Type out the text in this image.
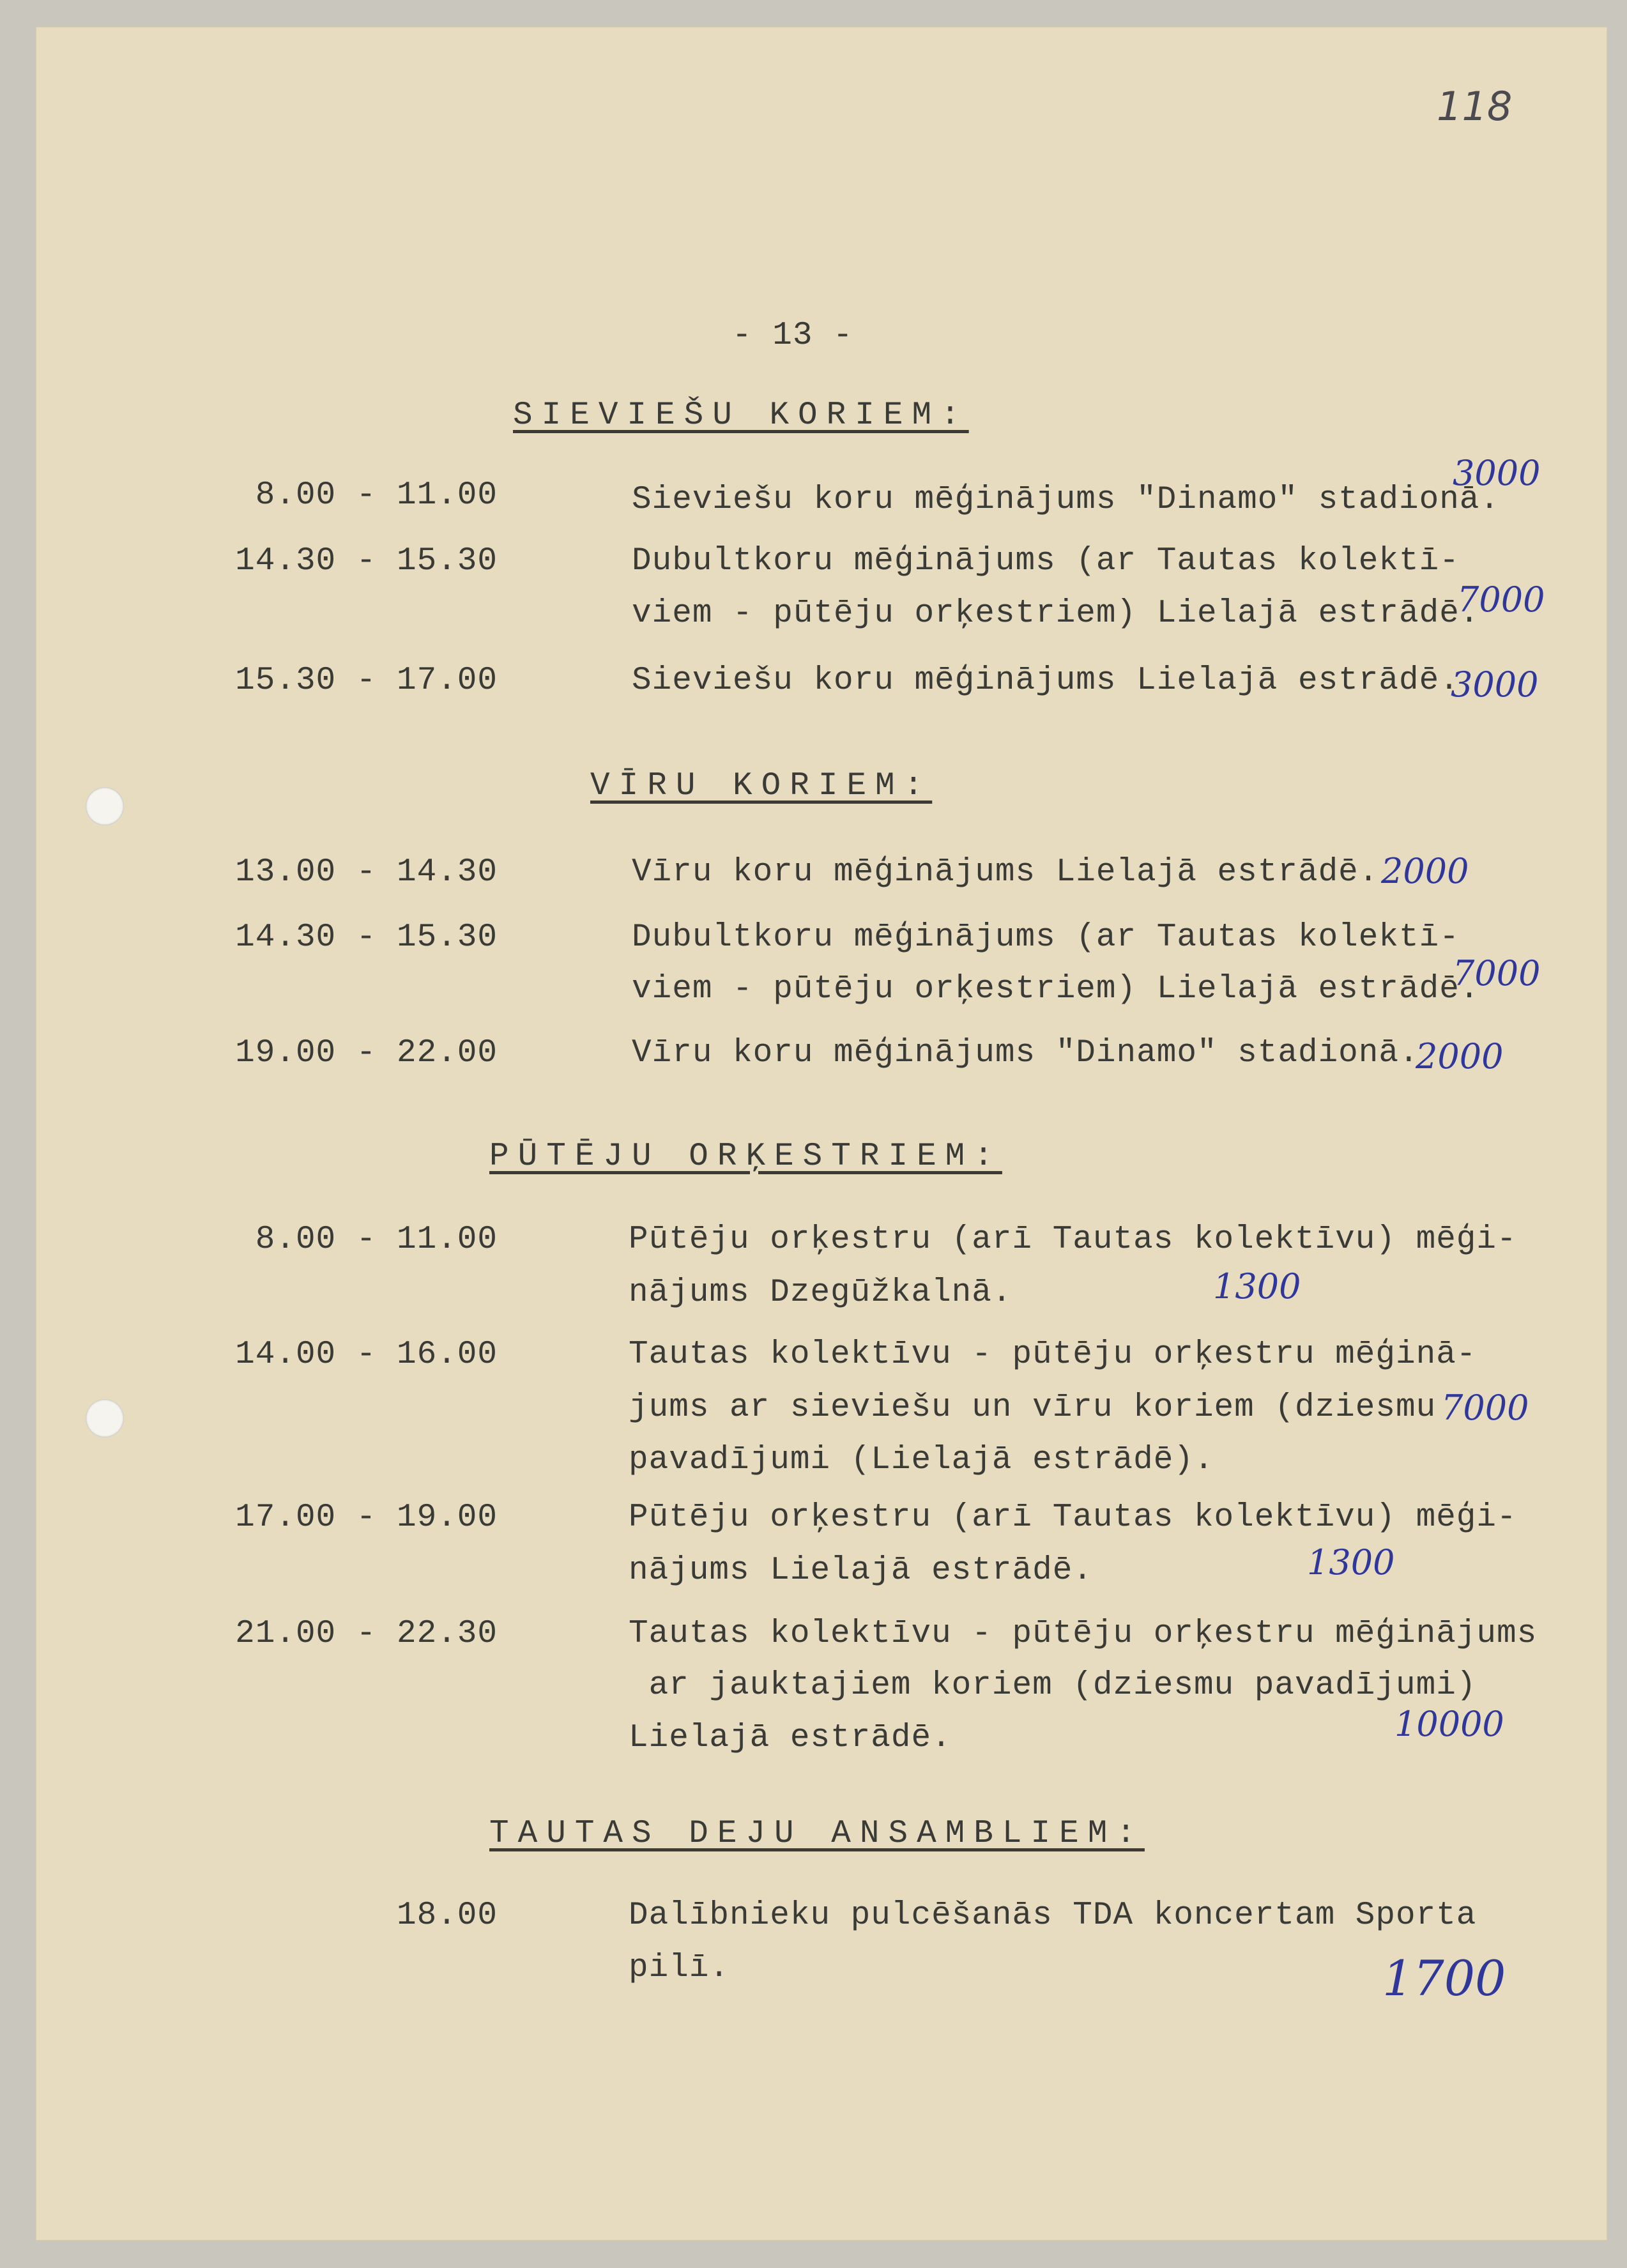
118
- 13 -
SIEVIEŠU KORIEM:
8.00 - 11.00	Sieviešu koru mēģinājums "Dinamo" stadionā.
3000
14.30 - 15.30	Dubultkoru mēģinājums (ar Tautas kolektī-
viem - pūtēju orķestriem) Lielajā estrādē.
7000
15.30 - 17.00	Sieviešu koru mēģinājums Lielajā estrādē.
3000
VĪRU KORIEM:
13.00 - 14.30	Vīru koru mēģinājums Lielajā estrādē. 2000
14.30 - 15.30	Dubultkoru mēģinājums (ar Tautas kolektī-
viem - pūtēju orķestriem) Lielajā estrādē.
7000
19.00 - 22.00	Vīru koru mēģinājums "Dinamo" stadionā.
2000
PŪTĒJU ORĶESTRIEM:
8.00 - 11.00	Pūtēju orķestru (arī Tautas kolektīvu) mēģi-
nājums Dzegūžkalnā.	1300
14.00 - 16.00	Tautas kolektīvu - pūtēju orķestru mēģinā-
jums ar sieviešu un vīru koriem (dziesmu
pavadījumi (Lielajā estrādē).
7000
17.00 - 19.00	Pūtēju orķestru (arī Tautas kolektīvu) mēģi-
nājums Lielajā estrādē.	1300
21.00 - 22.30	Tautas kolektīvu - pūtēju orķestru mēģinājums
ar jauktajiem koriem (dziesmu pavadījumi)
Lielajā estrādē.	10000
TAUTAS DEJU ANSAMBLIEM:
18.00	Dalībnieku pulcēšanās TDA koncertam Sporta
pilī.	1700
